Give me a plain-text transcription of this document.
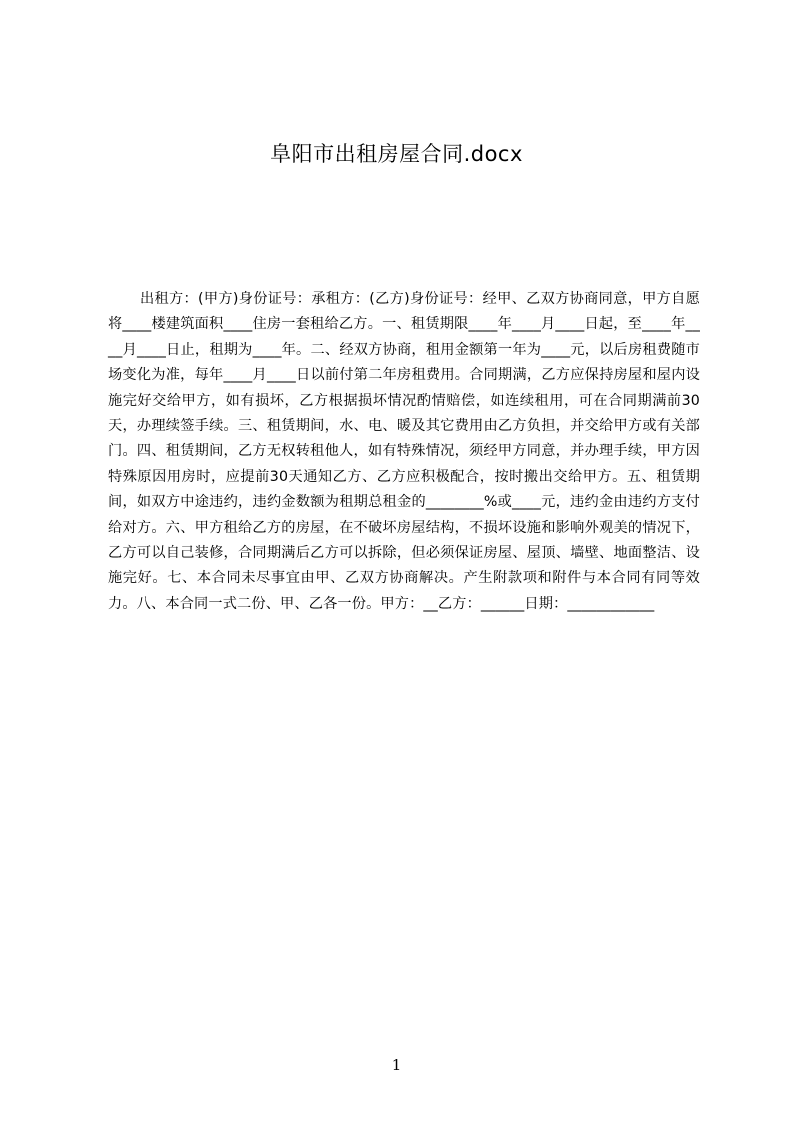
阜阳市出租房屋合同.docx

出租方：(甲方)身份证号：承租方：(乙方)身份证号：经甲、乙双方协商同意，甲方自愿将____楼建筑面积____住房一套租给乙方。一、租赁期限____年____月____日起，至____年____月____日止，租期为____年。二、经双方协商，租用金额第一年为____元，以后房租费随市场变化为准，每年____月____日以前付第二年房租费用。合同期满，乙方应保持房屋和屋内设施完好交给甲方，如有损坏，乙方根据损坏情况酌情赔偿，如连续租用，可在合同期满前30天，办理续签手续。三、租赁期间，水、电、暖及其它费用由乙方负担，并交给甲方或有关部门。四、租赁期间，乙方无权转租他人，如有特殊情况，须经甲方同意，并办理手续，甲方因特殊原因用房时，应提前30天通知乙方、乙方应积极配合，按时搬出交给甲方。五、租赁期间，如双方中途违约，违约金数额为租期总租金的________%或____元，违约金由违约方支付给对方。六、甲方租给乙方的房屋，在不破坏房屋结构，不损坏设施和影响外观美的情况下，乙方可以自己装修，合同期满后乙方可以拆除，但必须保证房屋、屋顶、墙壁、地面整洁、设施完好。七、本合同未尽事宜由甲、乙双方协商解决。产生附款项和附件与本合同有同等效力。八、本合同一式二份、甲、乙各一份。甲方：__乙方：______日期：____________

1
